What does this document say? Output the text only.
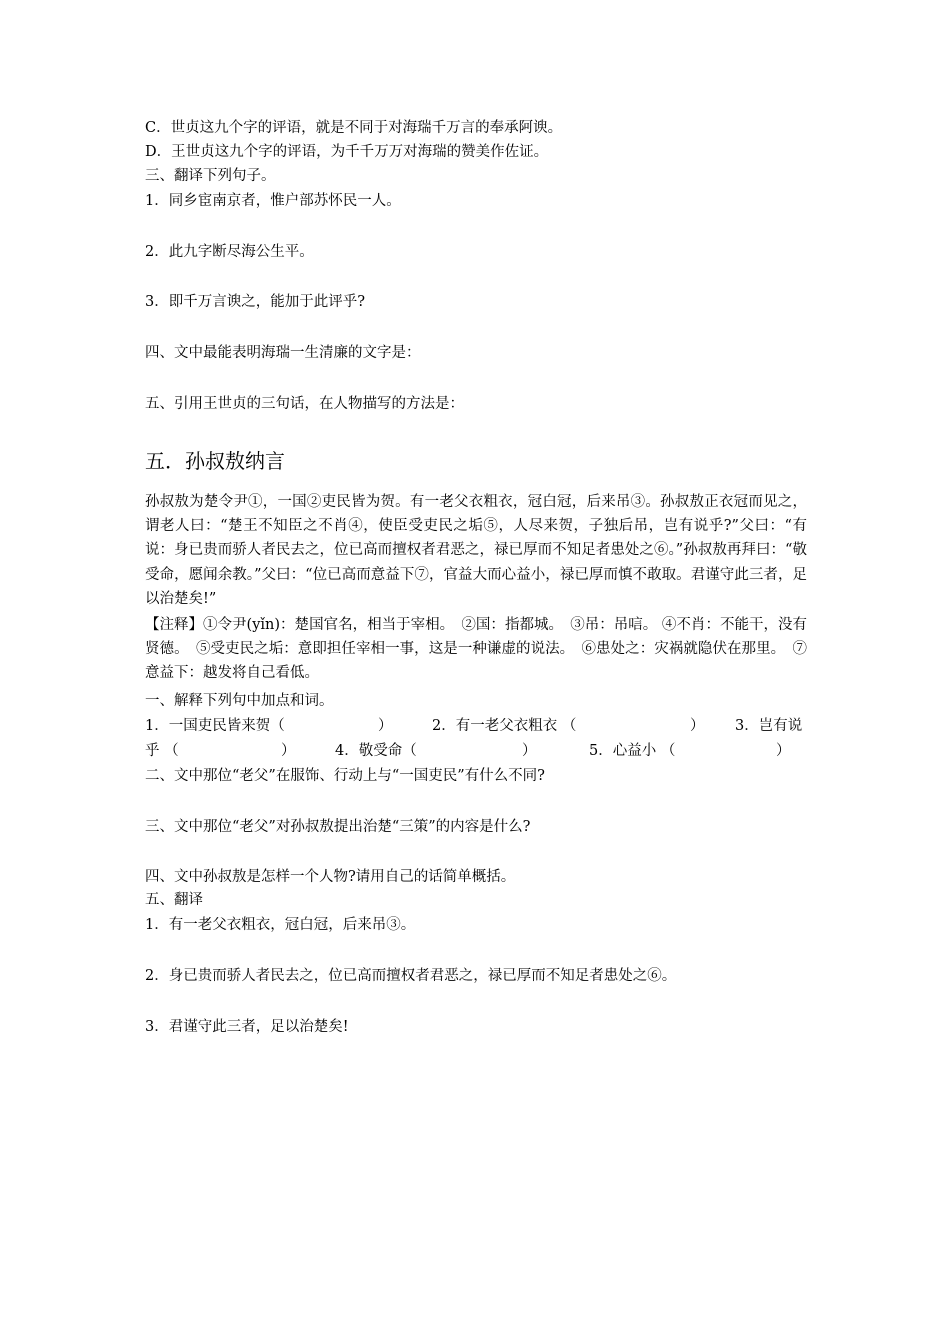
C．世贞这九个字的评语，就是不同于对海瑞千万言的奉承阿谀。
D．王世贞这九个字的评语，为千千万万对海瑞的赞美作佐证。
三、翻译下列句子。
1．同乡宦南京者，惟户部苏怀民一人。
2．此九字断尽海公生平。
3．即千万言谀之，能加于此评乎?
四、文中最能表明海瑞一生清廉的文字是：
五、引用王世贞的三句话，在人物描写的方法是：
五．孙叔敖纳言
孙叔敖为楚令尹①，一国②吏民皆为贺。有一老父衣粗衣，冠白冠，后来吊③。孙叔敖正衣冠而见之，谓老人曰：“楚王不知臣之不肖④，使臣受吏民之垢⑤，人尽来贺，子独后吊，岂有说乎?”父曰：“有说：身已贵而骄人者民去之，位已高而擅权者君恶之，禄已厚而不知足者患处之⑥。”孙叔敖再拜曰：“敬受命，愿闻余教。”父曰：“位已高而意益下⑦，官益大而心益小，禄已厚而慎不敢取。君谨守此三者，足以治楚矣!”
【注释】①令尹(yǐn)：楚国官名，相当于宰相。　②国：指都城。　③吊：吊唁。 ④不肖：不能干，没有贤德。　⑤受吏民之垢：意即担任宰相一事，这是一种谦虚的说法。　⑥患处之：灾祸就隐伏在那里。　⑦意益下：越发将自己看低。
一、解释下列句中加点和词。
1．一国吏民皆来贺（	）	2．有一老父衣粗衣 （	） 3．岂有说
乎 （	）	4．敬受命（	）	5．心益小 （	）
二、文中那位“老父”在服饰、行动上与“一国吏民”有什么不同?
三、文中那位“老父”对孙叔敖提出治楚“三策”的内容是什么?
四、文中孙叔敖是怎样一个人物?请用自己的话简单概括。
五、翻译
1．有一老父衣粗衣，冠白冠，后来吊③。
2．身已贵而骄人者民去之，位已高而擅权者君恶之，禄已厚而不知足者患处之⑥。
3．君谨守此三者，足以治楚矣!
